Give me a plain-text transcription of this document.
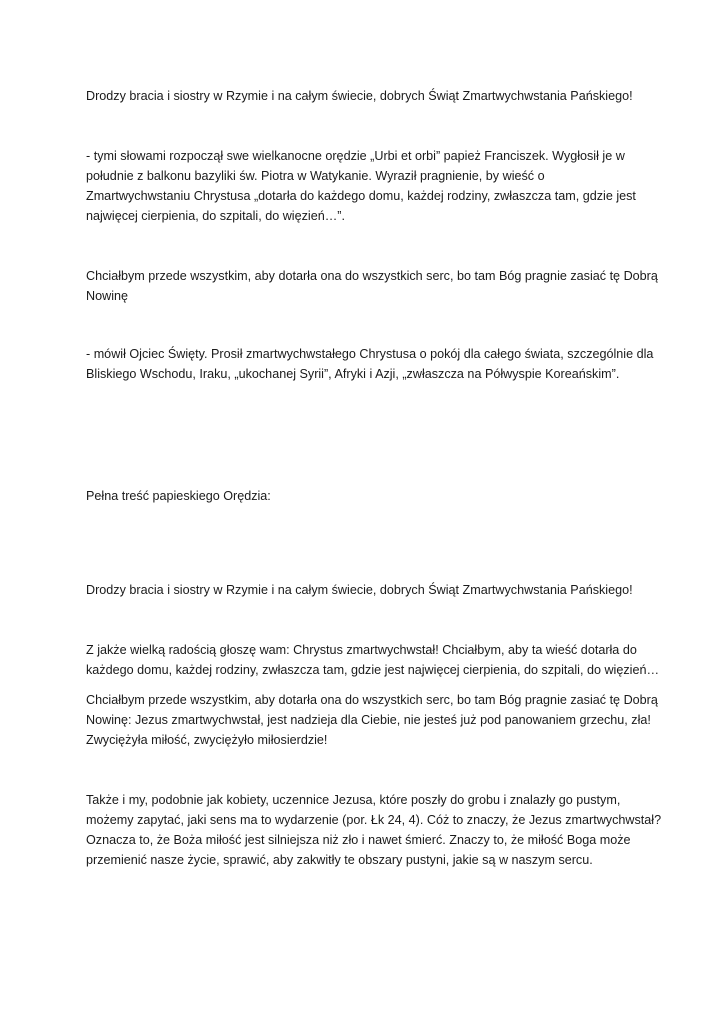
Drodzy bracia i siostry w Rzymie i na całym świecie, dobrych Świąt Zmartwychwstania Pańskiego!

- tymi słowami rozpoczął swe wielkanocne orędzie „Urbi et orbi” papież Franciszek. Wygłosił je w
południe z balkonu bazyliki św. Piotra w Watykanie. Wyraził pragnienie, by wieść o
Zmartwychwstaniu Chrystusa „dotarła do każdego domu, każdej rodziny, zwłaszcza tam, gdzie jest
najwięcej cierpienia, do szpitali, do więzień…”.

Chciałbym przede wszystkim, aby dotarła ona do wszystkich serc, bo tam Bóg pragnie zasiać tę Dobrą
Nowinę

- mówił Ojciec Święty. Prosił zmartwychwstałego Chrystusa o pokój dla całego świata, szczególnie dla
Bliskiego Wschodu, Iraku, „ukochanej Syrii”, Afryki i Azji, „zwłaszcza na Półwyspie Koreańskim”.

Pełna treść papieskiego Orędzia:

Drodzy bracia i siostry w Rzymie i na całym świecie, dobrych Świąt Zmartwychwstania Pańskiego!

Z jakże wielką radością głoszę wam: Chrystus zmartwychwstał! Chciałbym, aby ta wieść dotarła do
każdego domu, każdej rodziny, zwłaszcza tam, gdzie jest najwięcej cierpienia, do szpitali, do więzień…

Chciałbym przede wszystkim, aby dotarła ona do wszystkich serc, bo tam Bóg pragnie zasiać tę Dobrą
Nowinę: Jezus zmartwychwstał, jest nadzieja dla Ciebie, nie jesteś już pod panowaniem grzechu, zła!
Zwyciężyła miłość, zwyciężyło miłosierdzie!

Także i my, podobnie jak kobiety, uczennice Jezusa, które poszły do grobu i znalazły go pustym,
możemy zapytać, jaki sens ma to wydarzenie (por. Łk 24, 4). Cóż to znaczy, że Jezus zmartwychwstał?
Oznacza to, że Boża miłość jest silniejsza niż zło i nawet śmierć. Znaczy to, że miłość Boga może
przemienić nasze życie, sprawić, aby zakwitły te obszary pustyni, jakie są w naszym sercu.
